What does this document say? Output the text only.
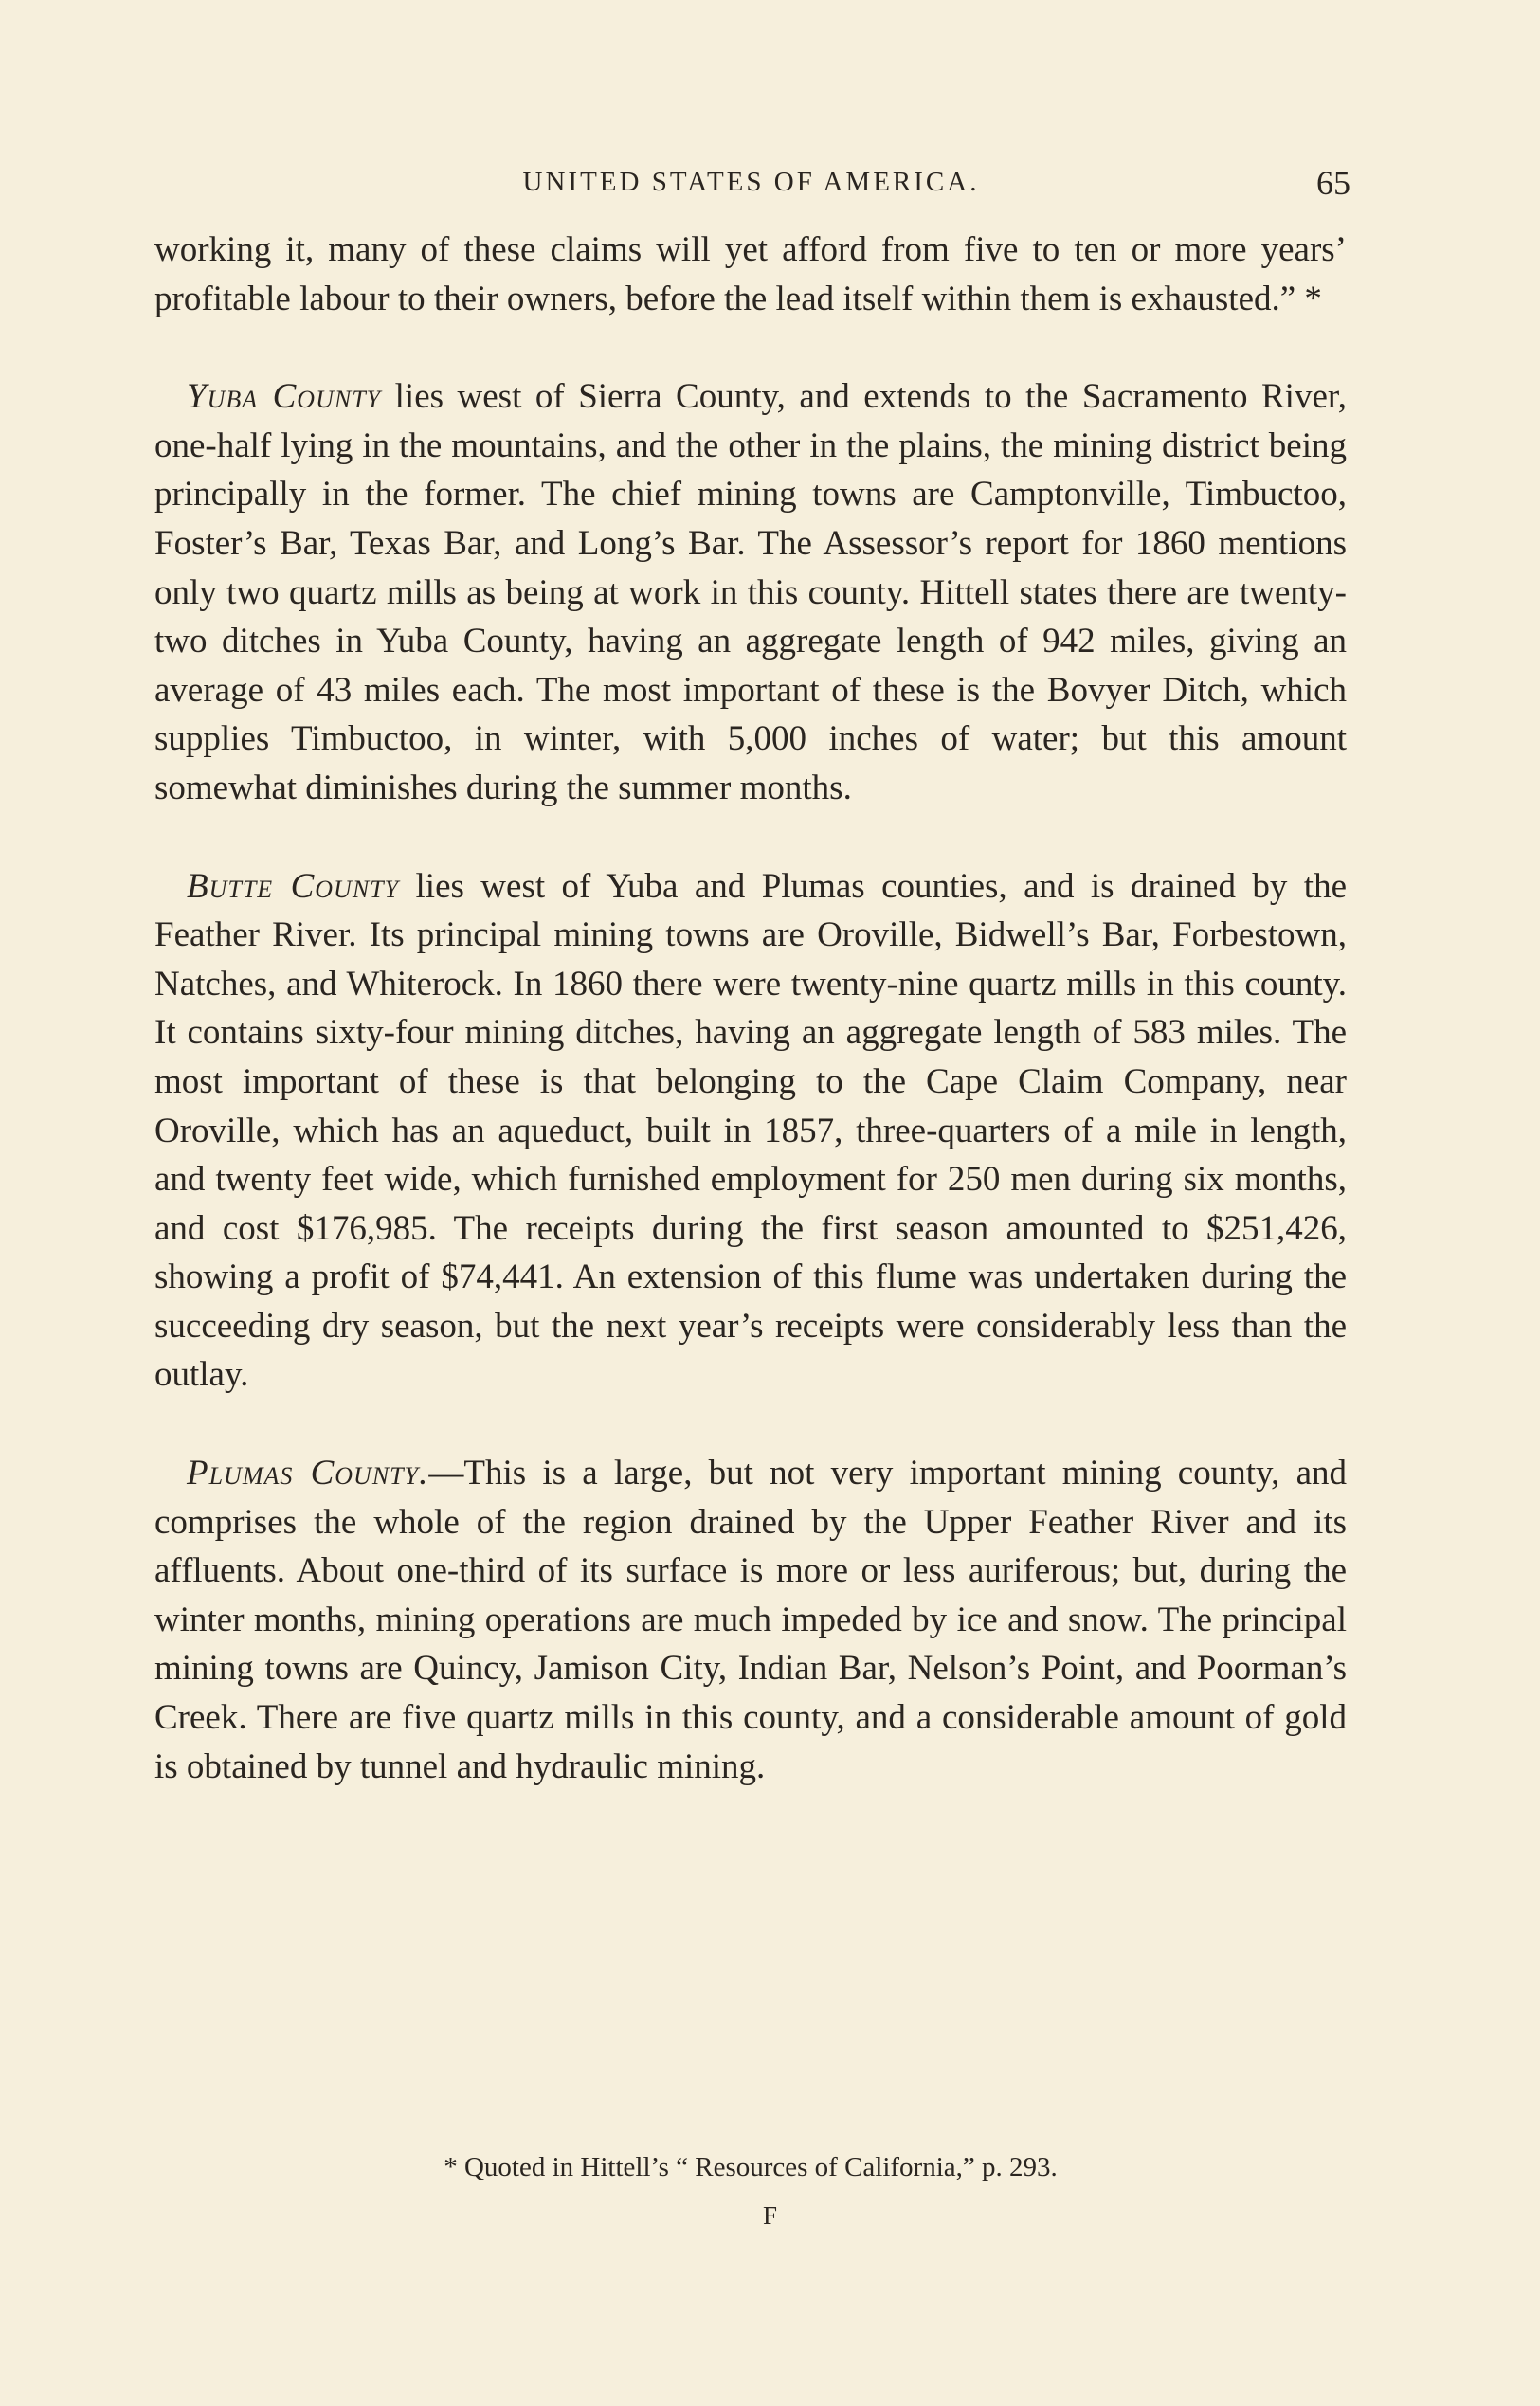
UNITED STATES OF AMERICA.	65

working it, many of these claims will yet afford from five to ten or more years’ profitable labour to their owners, before the lead itself within them is exhausted.” *

Yuba County lies west of Sierra County, and extends to the Sacramento River, one-half lying in the mountains, and the other in the plains, the mining district being principally in the former. The chief mining towns are Camptonville, Timbuctoo, Foster’s Bar, Texas Bar, and Long’s Bar. The Assessor’s report for 1860 mentions only two quartz mills as being at work in this county. Hittell states there are twenty-two ditches in Yuba County, having an aggregate length of 942 miles, giving an average of 43 miles each. The most important of these is the Bovyer Ditch, which supplies Timbuctoo, in winter, with 5,000 inches of water; but this amount somewhat diminishes during the summer months.

Butte County lies west of Yuba and Plumas counties, and is drained by the Feather River. Its principal mining towns are Oroville, Bidwell’s Bar, Forbestown, Natches, and Whiterock. In 1860 there were twenty-nine quartz mills in this county. It contains sixty-four mining ditches, having an aggregate length of 583 miles. The most important of these is that belonging to the Cape Claim Company, near Oroville, which has an aqueduct, built in 1857, three-quarters of a mile in length, and twenty feet wide, which furnished employment for 250 men during six months, and cost $176,985. The receipts during the first season amounted to $251,426, showing a profit of $74,441. An extension of this flume was undertaken during the succeeding dry season, but the next year’s receipts were considerably less than the outlay.

Plumas County.—This is a large, but not very important mining county, and comprises the whole of the region drained by the Upper Feather River and its affluents. About one-third of its surface is more or less auriferous; but, during the winter months, mining operations are much impeded by ice and snow. The principal mining towns are Quincy, Jamison City, Indian Bar, Nelson’s Point, and Poorman’s Creek. There are five quartz mills in this county, and a considerable amount of gold is obtained by tunnel and hydraulic mining.

* Quoted in Hittell’s “ Resources of California,” p. 293.
F
